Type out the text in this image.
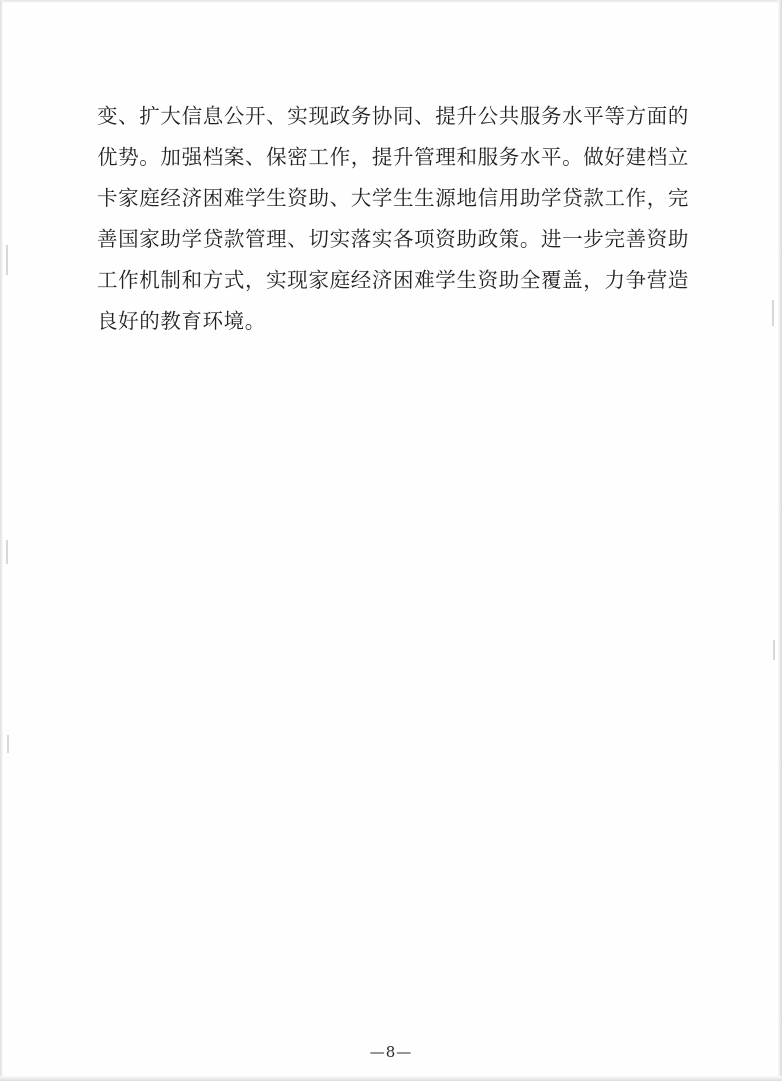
变、扩大信息公开、实现政务协同、提升公共服务水平等方面的优势。加强档案、保密工作，提升管理和服务水平。做好建档立卡家庭经济困难学生资助、大学生生源地信用助学贷款工作，完善国家助学贷款管理、切实落实各项资助政策。进一步完善资助工作机制和方式，实现家庭经济困难学生资助全覆盖，力争营造良好的教育环境。

—8—
